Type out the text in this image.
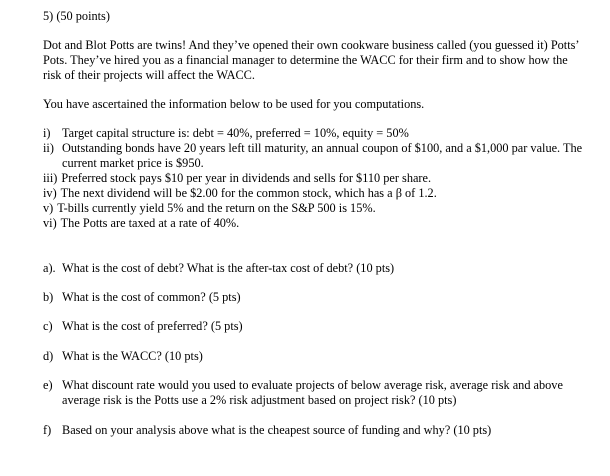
5) (50 points)
Dot and Blot Potts are twins! And they’ve opened their own cookware business called (you guessed it) Potts’ Pots. They’ve hired you as a financial manager to determine the WACC for their firm and to show how the risk of their projects will affect the WACC.
You have ascertained the information below to be used for you computations.
i) Target capital structure is: debt = 40%, preferred = 10%, equity = 50%
ii) Outstanding bonds have 20 years left till maturity, an annual coupon of $100, and a $1,000 par value. The current market price is $950.
iii) Preferred stock pays $10 per year in dividends and sells for $110 per share.
iv) The next dividend will be $2.00 for the common stock, which has a β of 1.2.
v) T-bills currently yield 5% and the return on the S&P 500 is 15%.
vi) The Potts are taxed at a rate of 40%.
a). What is the cost of debt? What is the after-tax cost of debt? (10 pts)
b) What is the cost of common? (5 pts)
c) What is the cost of preferred? (5 pts)
d) What is the WACC? (10 pts)
e) What discount rate would you used to evaluate projects of below average risk, average risk and above average risk is the Potts use a 2% risk adjustment based on project risk? (10 pts)
f) Based on your analysis above what is the cheapest source of funding and why? (10 pts)
